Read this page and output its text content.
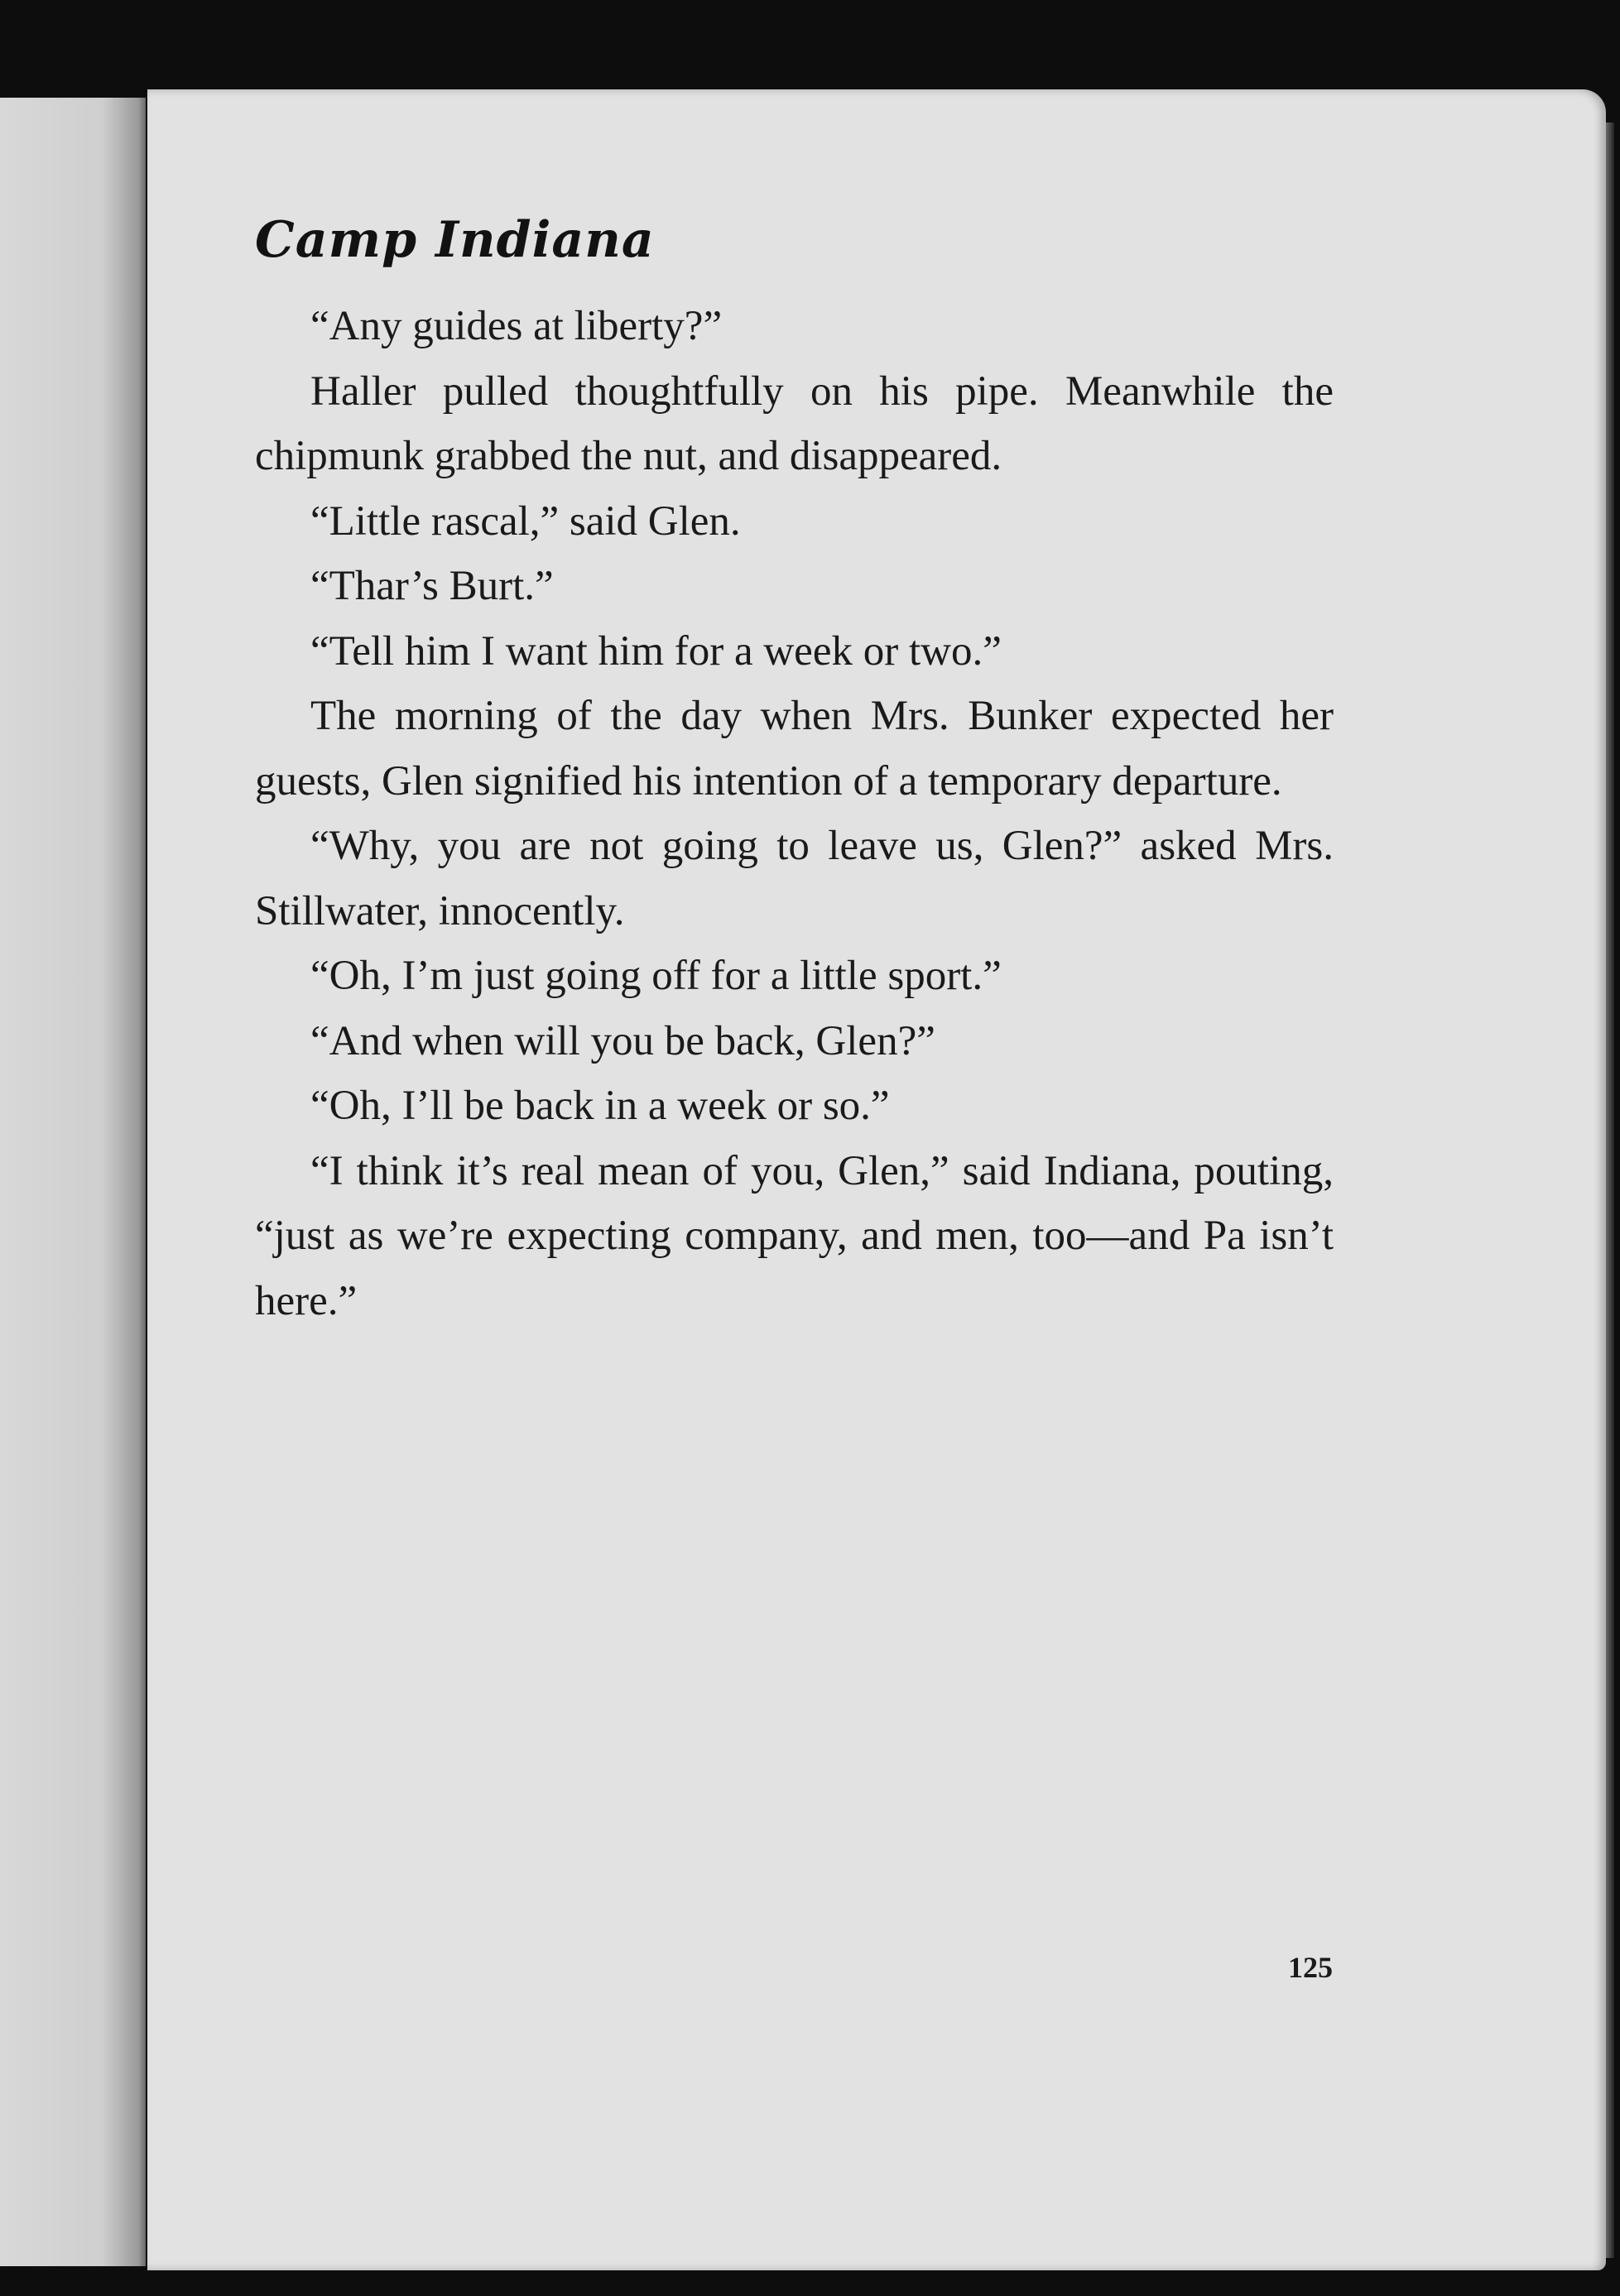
Camp Indiana

“Any guides at liberty?”

Haller pulled thoughtfully on his pipe. Meanwhile the chipmunk grabbed the nut, and disappeared.

“Little rascal,” said Glen.

“Thar’s Burt.”

“Tell him I want him for a week or two.”

The morning of the day when Mrs. Bunker expected her guests, Glen signified his intention of a temporary departure.

“Why, you are not going to leave us, Glen?” asked Mrs. Stillwater, innocently.

“Oh, I’m just going off for a little sport.”

“And when will you be back, Glen?”

“Oh, I’ll be back in a week or so.”

“I think it’s real mean of you, Glen,” said Indiana, pouting, “just as we’re expecting company, and men, too—and Pa isn’t here.”

125
